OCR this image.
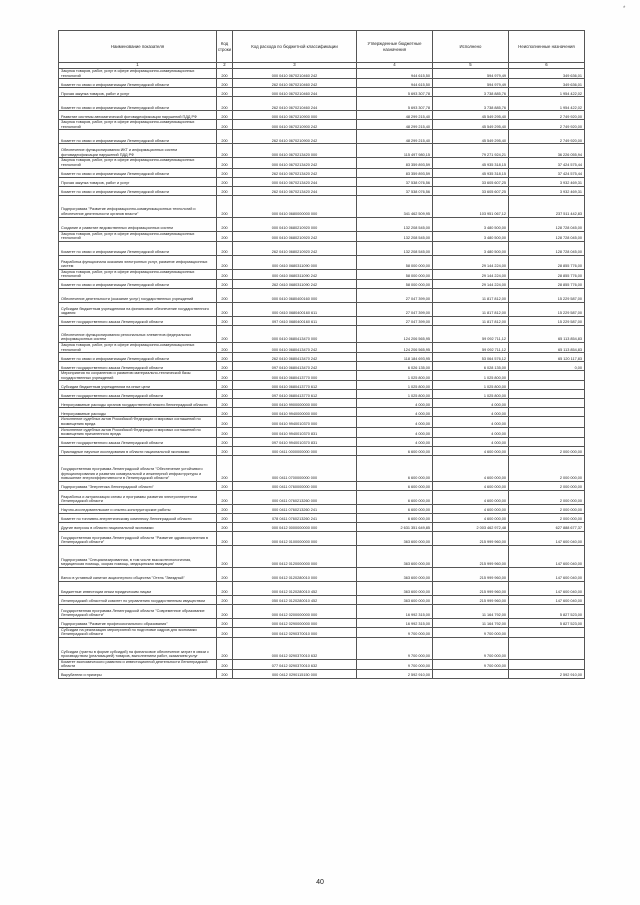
*
Наименование показателя	Код строки	Код расхода по бюджетной классификации	Утвержденные бюджетные назначения	Исполнено	Неисполненные назначения
1	2	3	4	5	6
Закупка товаров, работ, услуг в сфере информационно-коммуникационных технологий	200	000 0410 0670210460 242	944 615,50	594 979,49	349 636,01
Комитет по связи и информатизации Ленинградской области	200	262 0410 0670210460 242	944 615,50	594 979,49	349 636,01
Прочая закупка товаров, работ и услуг	200	000 0410 0670210460 244	5 693 307,78	3 738 885,76	1 954 422,02
Комитет по связи и информатизации Ленинградской области	200	262 0410 0670210460 244	5 693 307,78	3 738 885,76	1 954 422,02
Развитие системы автоматической фотовидеофиксации нарушений ПДД РФ	200	000 0410 0670210900 000	48 299 215,40	45 549 295,40	2 749 920,00
Закупка товаров, работ, услуг в сфере информационно-коммуникационных технологий	200	000 0410 0670210900 242	48 299 215,40	45 549 295,40	2 749 920,00
Комитет по связи и информатизации Ленинградской области	200	262 0410 0670210900 242	48 299 215,40	45 549 295,40	2 749 920,00
Обеспечение функционирования ИКТ и информационных систем фотовидеофиксации нарушений ПДД РФ	200	000 0410 0670213420 000	115 497 980,15	79 271 924,21	36 226 055,94
Закупка товаров, работ, услуг в сфере информационно-коммуникационных технологий	200	000 0410 0670213420 242	83 359 893,59	45 935 318,15	37 424 575,44
Комитет по связи и информатизации Ленинградской области	200	262 0410 0670213420 242	83 359 893,59	45 935 318,15	37 424 575,44
Прочая закупка товаров, работ и услуг	200	000 0410 0670213420 244	37 538 076,56	33 605 607,25	3 932 469,31
Комитет по связи и информатизации Ленинградской области	200	262 0410 0670213420 244	37 538 076,56	33 605 607,25	3 932 469,31
Подпрограмма "Развитие информационно-коммуникационных технологий и обеспечение деятельности органов власти"	200	000 0410 0680000000 000	341 462 509,95	103 951 067,12	237 511 442,83
Создание и развитие ведомственных информационных систем	200	000 0410 0680210920 000	132 208 545,00	3 480 500,00	128 728 045,00
Закупка товаров, работ, услуг в сфере информационно-коммуникационных технологий	200	000 0410 0680210920 242	132 208 545,00	3 480 500,00	128 728 045,00
Комитет по связи и информатизации Ленинградской области	200	262 0410 0680210920 242	132 208 545,00	3 480 500,00	128 728 045,00
Разработка функционала оказания электронных услуг, развитие информационных систем	200	000 0410 0680311090 000	58 000 000,00	29 144 224,00	28 855 776,00
Закупка товаров, работ, услуг в сфере информационно-коммуникационных технологий	200	000 0410 0680311090 242	58 000 000,00	29 144 224,00	28 855 776,00
Комитет по связи и информатизации Ленинградской области	200	262 0410 0680311090 242	58 000 000,00	29 144 224,00	28 855 776,00
Обеспечение деятельности (оказание услуг) государственных учреждений	200	000 0410 0680400160 000	27 047 399,00	11 817 812,00	15 229 587,00
Субсидии бюджетным учреждениям на финансовое обеспечение государственного задания	200	000 0410 0680400160 611	27 047 399,00	11 817 812,00	15 229 587,00
Комитет государственного заказа Ленинградской области	200	097 0410 0680400160 611	27 047 399,00	11 817 812,00	15 229 587,00
Обеспечение функционирования региональных элементов федеральных информационных систем	200	000 0410 0680413470 000	124 206 565,95	59 092 711,12	65 113 854,83
Закупка товаров, работ, услуг в сфере информационно-коммуникационных технологий	200	000 0410 0680413470 242	124 206 565,95	59 092 711,12	65 113 854,83
Комитет по связи и информатизации Ленинградской области	200	262 0410 0680413470 242	118 184 693,95	53 064 576,12	65 120 117,83
Комитет государственного заказа Ленинградской области	200	097 0410 0680413470 242	6 026 135,00	6 028 135,00	0,00
Мероприятия по сохранению и развитию материально-технической базы государственных учреждений	200	000 0410 0680413770 000	1 025 800,00	1 025 800,00	
Субсидии бюджетным учреждениям на иные цели	200	000 0410 0680413770 612	1 025 800,00	1 025 800,00	
Комитет государственного заказа Ленинградской области	200	097 0410 0680413770 612	1 025 800,00	1 025 800,00	
Непрограммные расходы органов государственной власти Ленинградской области	200	000 0410 9900000000 000	4 000,00	4 000,00	
Непрограммные расходы	200	000 0410 9940000000 000	4 000,00	4 000,00	
Исполнение судебных актов Российской Федерации и мировых соглашений по возмещению вреда	200	000 0410 9940010370 000	4 000,00	4 000,00	
Исполнение судебных актов Российской Федерации и мировых соглашений по возмещению причиненного вреда	200	000 0410 9940010370 831	4 000,00	4 000,00	
Комитет государственного заказа Ленинградской области	200	097 0410 9940010370 831	4 000,00	4 000,00	
Прикладные научные исследования в области национальной экономики	200	000 0411 0000000000 000	6 600 000,00	4 600 000,00	2 000 000,00
Государственная программа Ленинградской области "Обеспечение устойчивого функционирования и развития коммунальной и инженерной инфраструктуры и повышение энергоэффективности в Ленинградской области"	200	000 0411 0700000000 000	6 600 000,00	4 600 000,00	2 000 000,00
Подпрограмма "Энергетика Ленинградской области"	200	000 0411 0760000000 000	6 600 000,00	4 600 000,00	2 000 000,00
Разработка и актуализация схемы и программы развития электроэнергетики Ленинградской области	200	000 0411 0760213260 000	6 600 000,00	4 600 000,00	2 000 000,00
Научно-исследовательские и опытно-конструкторские работы	200	000 0411 0760213260 241	6 600 000,00	4 600 000,00	2 000 000,00
Комитет по топливно-энергетическому комплексу Ленинградской области	200	078 0411 0760213260 241	6 600 000,00	4 600 000,00	2 000 000,00
Другие вопросы в области национальной экономики	200	000 0412 0000000000 000	2 631 351 649,85	2 003 462 972,48	627 888 677,37
Государственная программа Ленинградской области "Развитие здравоохранения в Ленинградской области"	200	000 0412 0100000000 000	363 600 000,00	215 999 960,00	147 600 040,00
Подпрограмма "Специализированная, в том числе высокотехнологичная, медицинская помощь, скорая помощь, медицинская эвакуация"	200	000 0412 0120000000 000	363 600 000,00	215 999 960,00	147 600 040,00
Взнос в уставный капитал акционерного общества "Отель "Звездный"	200	000 0412 0120280010 000	363 600 000,00	215 999 960,00	147 600 040,00
Бюджетные инвестиции иным юридическим лицам	200	000 0412 0120280010 452	363 600 000,00	215 999 960,00	147 600 040,00
Ленинградский областной комитет по управлению государственным имуществом	200	050 0412 0120280010 452	363 600 000,00	215 999 960,00	147 600 040,00
Государственная программа Ленинградской области "Современное образование Ленинградской области"	200	000 0412 0200000000 000	16 992 315,00	11 164 792,00	5 827 523,00
Подпрограмма "Развитие профессионального образования"	200	000 0412 0290000000 000	16 992 315,00	11 164 792,00	5 827 523,00
Субсидии на реализацию мероприятий по подготовке кадров для экономики Ленинградской области	200	000 0412 0290370010 000	9 700 000,00	9 700 000,00	
Субсидии (гранты в форме субсидий) на финансовое обеспечение затрат в связи с производством (реализацией) товаров, выполнением работ, оказанием услуг	200	000 0412 0290370010 632	9 700 000,00	9 700 000,00	
Комитет экономического развития и инвестиционной деятельности Ленинградской области	200	077 0412 0290370010 632	9 700 000,00	9 700 000,00	
Вырубатели и призеры	200	000 0412 0290115150 000	2 592 910,00		2 592 910,00
40
